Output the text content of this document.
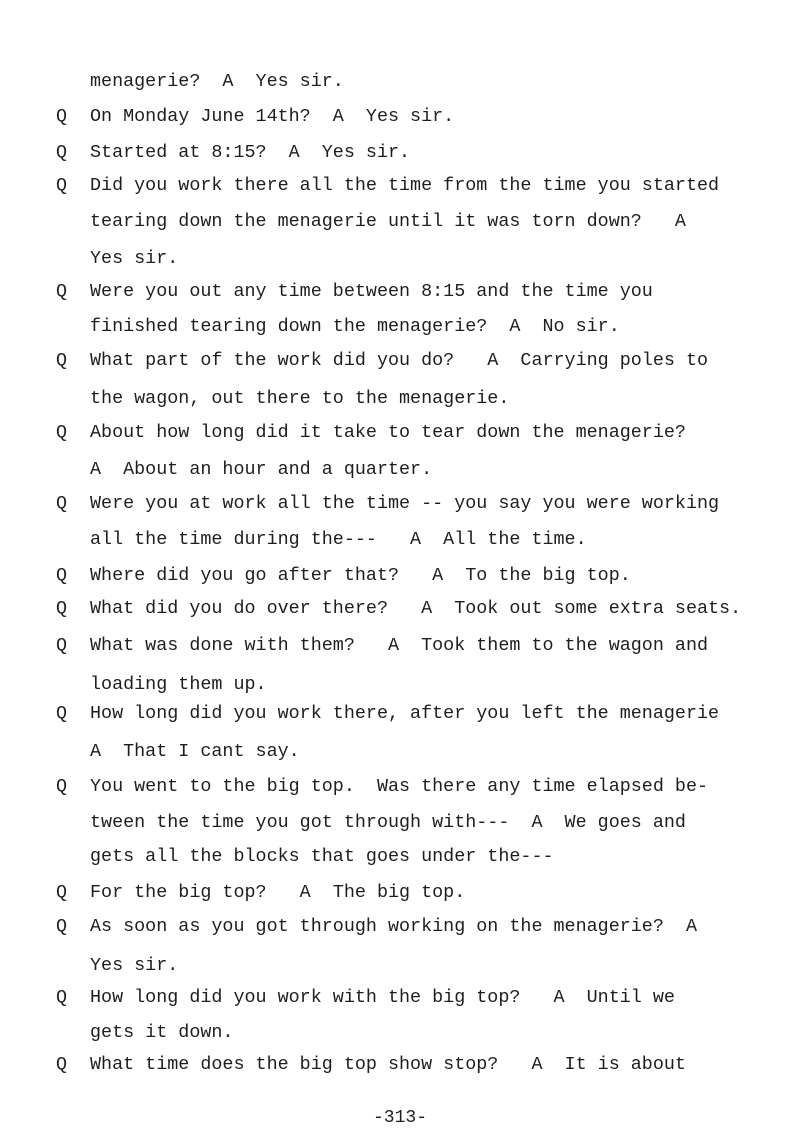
menagerie?  A  Yes sir.
Q On Monday June 14th?  A  Yes sir.
Q Started at 8:15?  A  Yes sir.
Q Did you work there all the time from the time you started
tearing down the menagerie until it was torn down?   A
Yes sir.
Q Were you out any time between 8:15 and the time you
finished tearing down the menagerie?  A  No sir.
Q What part of the work did you do?   A  Carrying poles to
the wagon, out there to the menagerie.
Q About how long did it take to tear down the menagerie?
A  About an hour and a quarter.
Q Were you at work all the time -- you say you were working
all the time during the---   A  All the time.
Q Where did you go after that?   A  To the big top.
Q What did you do over there?   A  Took out some extra seats.
Q What was done with them?   A  Took them to the wagon and
loading them up.
Q How long did you work there, after you left the menagerie
A  That I cant say.
Q You went to the big top.  Was there any time elapsed be-
tween the time you got through with---  A  We goes and
gets all the blocks that goes under the---
Q For the big top?   A  The big top.
Q As soon as you got through working on the menagerie?  A
Yes sir.
Q How long did you work with the big top?   A  Until we
gets it down.
Q What time does the big top show stop?   A  It is about
-313-
